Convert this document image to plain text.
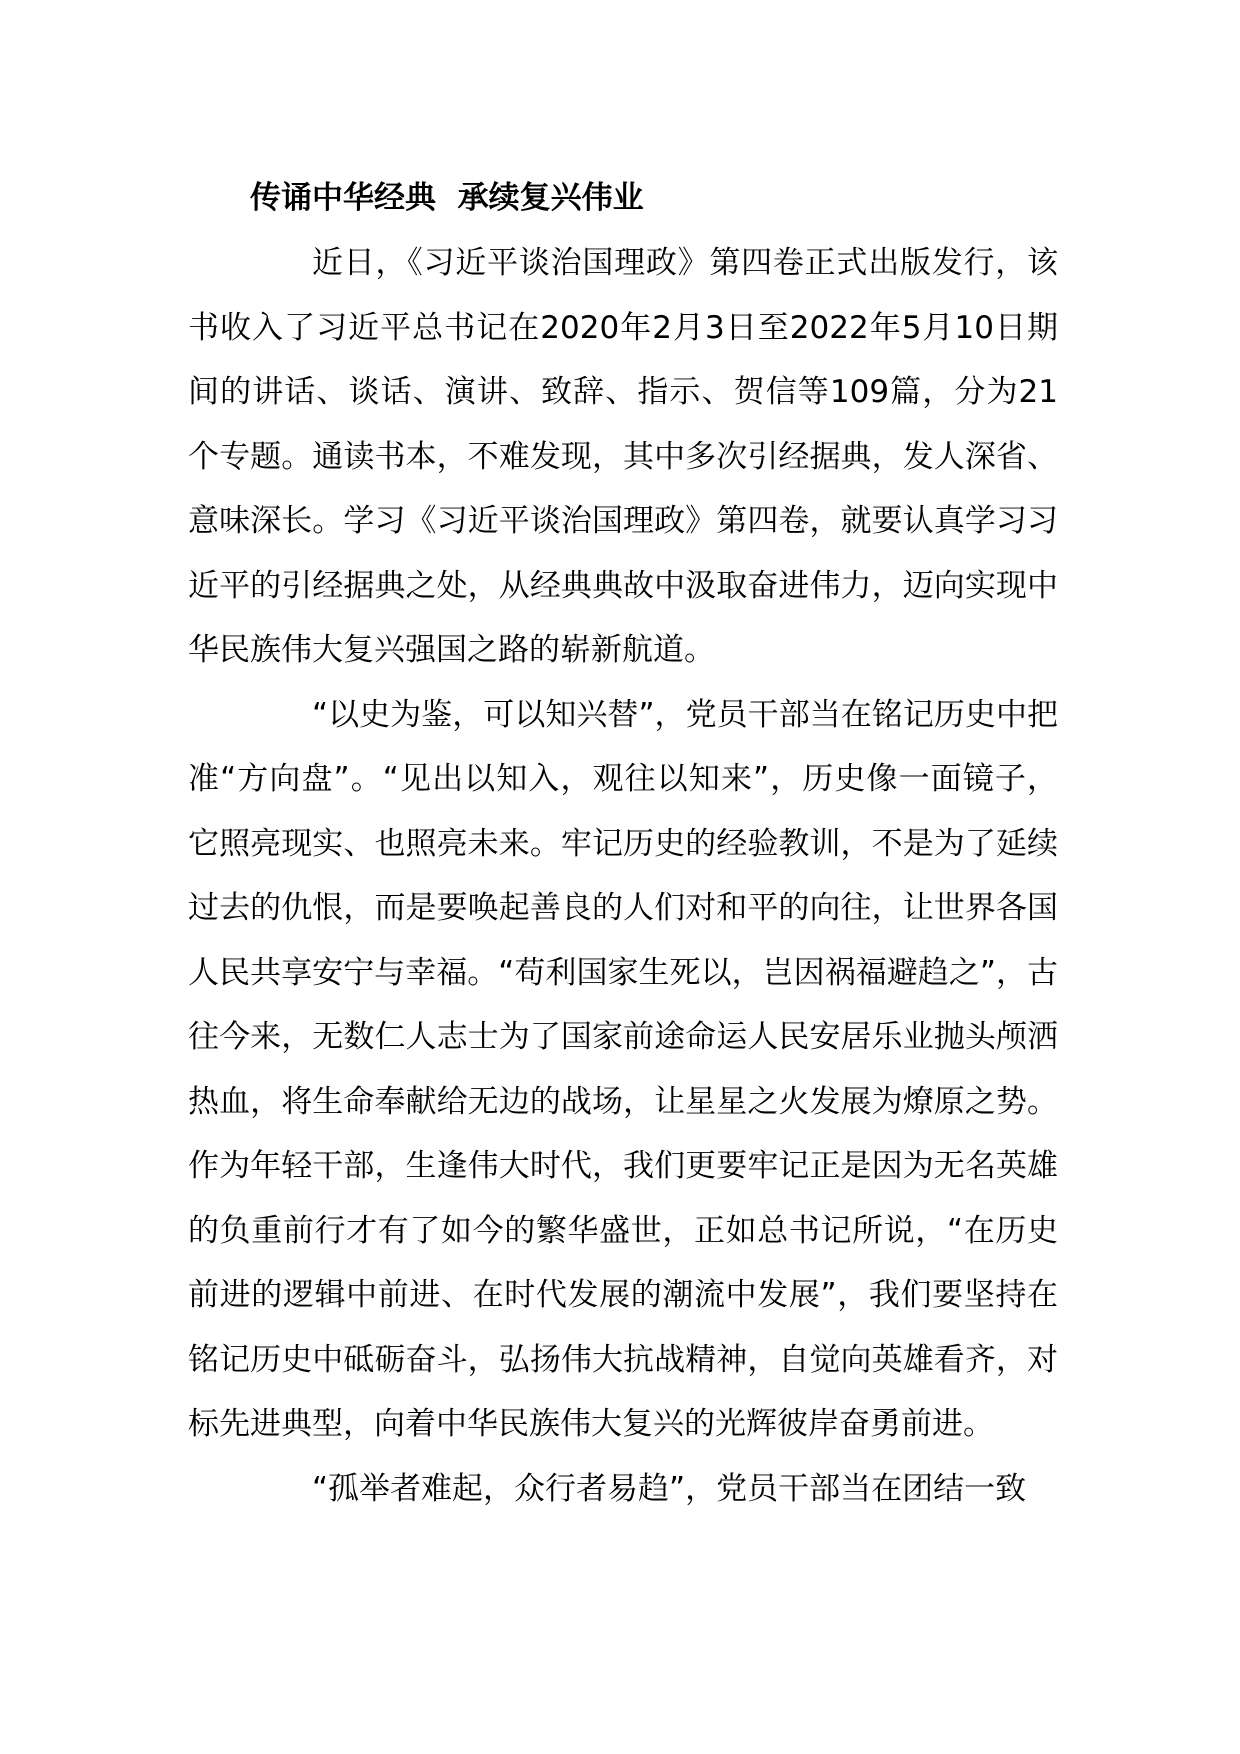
传诵中华经典  承续复兴伟业

近日，《习近平谈治国理政》第四卷正式出版发行，该书收入了习近平总书记在2020年2月3日至2022年5月10日期间的讲话、谈话、演讲、致辞、指示、贺信等109篇，分为21个专题。通读书本，不难发现，其中多次引经据典，发人深省、意味深长。学习《习近平谈治国理政》第四卷，就要认真学习习近平的引经据典之处，从经典典故中汲取奋进伟力，迈向实现中华民族伟大复兴强国之路的崭新航道。

“以史为鉴，可以知兴替”，党员干部当在铭记历史中把准“方向盘”。“见出以知入，观往以知来”，历史像一面镜子，它照亮现实、也照亮未来。牢记历史的经验教训，不是为了延续过去的仇恨，而是要唤起善良的人们对和平的向往，让世界各国人民共享安宁与幸福。“苟利国家生死以，岂因祸福避趋之”，古往今来，无数仁人志士为了国家前途命运人民安居乐业抛头颅洒热血，将生命奉献给无边的战场，让星星之火发展为燎原之势。作为年轻干部，生逢伟大时代，我们更要牢记正是因为无名英雄的负重前行才有了如今的繁华盛世，正如总书记所说，“在历史前进的逻辑中前进、在时代发展的潮流中发展”，我们要坚持在铭记历史中砥砺奋斗，弘扬伟大抗战精神，自觉向英雄看齐，对标先进典型，向着中华民族伟大复兴的光辉彼岸奋勇前进。

“孤举者难起，众行者易趋”，党员干部当在团结一致
